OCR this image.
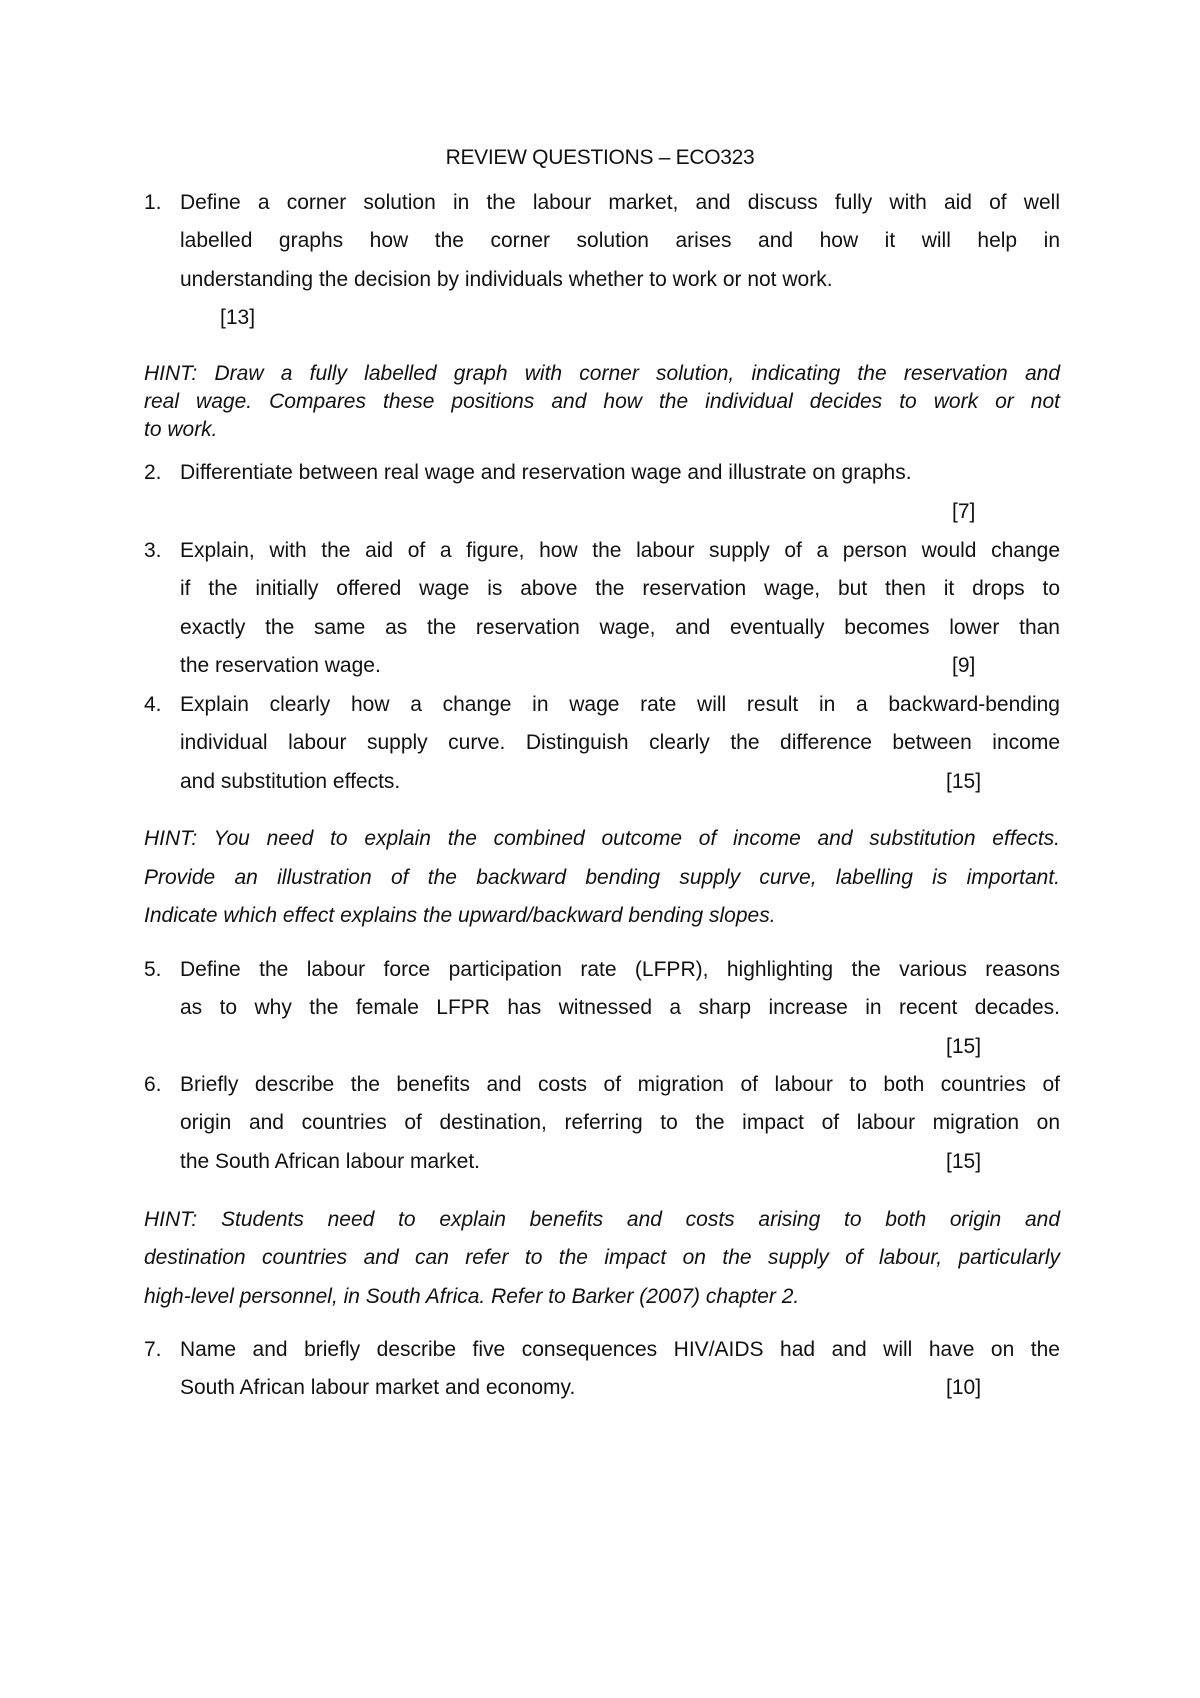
REVIEW QUESTIONS – ECO323
1. Define a corner solution in the labour market, and discuss fully with aid of well
labelled graphs how the corner solution arises and how it will help in
understanding the decision by individuals whether to work or not work.
[13]
HINT: Draw a fully labelled graph with corner solution, indicating the reservation and
real wage. Compares these positions and how the individual decides to work or not
to work.
2. Differentiate between real wage and reservation wage and illustrate on graphs.
[7]
3. Explain, with the aid of a figure, how the labour supply of a person would change
if the initially offered wage is above the reservation wage, but then it drops to
exactly the same as the reservation wage, and eventually becomes lower than
the reservation wage.	[9]
4. Explain clearly how a change in wage rate will result in a backward-bending
individual labour supply curve. Distinguish clearly the difference between income
and substitution effects.	[15]
HINT: You need to explain the combined outcome of income and substitution effects.
Provide an illustration of the backward bending supply curve, labelling is important.
Indicate which effect explains the upward/backward bending slopes.
5. Define the labour force participation rate (LFPR), highlighting the various reasons
as to why the female LFPR has witnessed a sharp increase in recent decades.
[15]
6. Briefly describe the benefits and costs of migration of labour to both countries of
origin and countries of destination, referring to the impact of labour migration on
the South African labour market.	[15]
HINT: Students need to explain benefits and costs arising to both origin and
destination countries and can refer to the impact on the supply of labour, particularly
high-level personnel, in South Africa. Refer to Barker (2007) chapter 2.
7. Name and briefly describe five consequences HIV/AIDS had and will have on the
South African labour market and economy.	[10]
